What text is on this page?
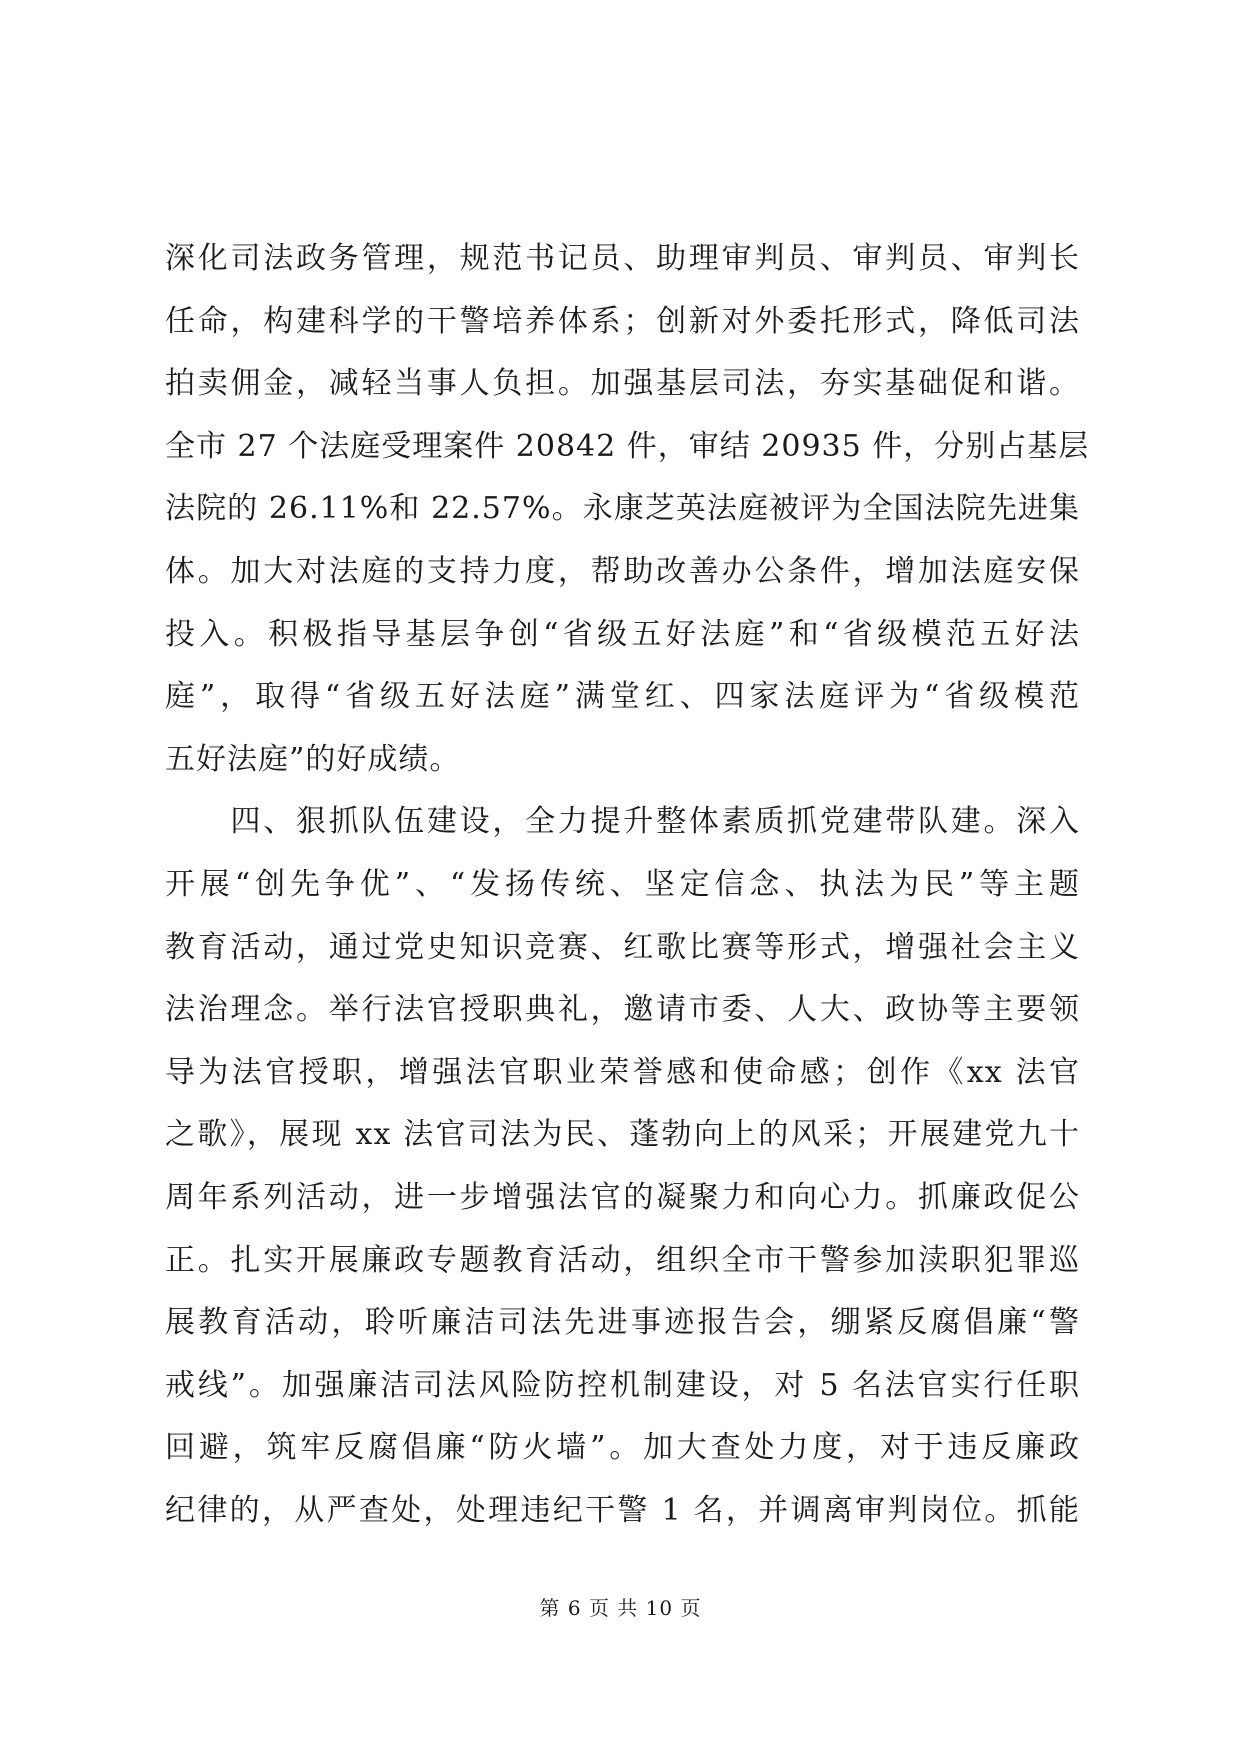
深化司法政务管理，规范书记员、助理审判员、审判员、审判长
任命，构建科学的干警培养体系；创新对外委托形式，降低司法
拍卖佣金，减轻当事人负担。加强基层司法，夯实基础促和谐。
全市 27 个法庭受理案件 20842 件，审结 20935 件，分别占基层
法院的 26.11%和 22.57%。永康芝英法庭被评为全国法院先进集
体。加大对法庭的支持力度，帮助改善办公条件，增加法庭安保
投入。积极指导基层争创“省级五好法庭”和“省级模范五好法
庭”，取得“省级五好法庭”满堂红、四家法庭评为“省级模范
五好法庭”的好成绩。
　　四、狠抓队伍建设，全力提升整体素质抓党建带队建。深入
开展“创先争优”、“发扬传统、坚定信念、执法为民”等主题
教育活动，通过党史知识竞赛、红歌比赛等形式，增强社会主义
法治理念。举行法官授职典礼，邀请市委、人大、政协等主要领
导为法官授职，增强法官职业荣誉感和使命感；创作《xx 法官
之歌》，展现 xx 法官司法为民、蓬勃向上的风采；开展建党九十
周年系列活动，进一步增强法官的凝聚力和向心力。抓廉政促公
正。扎实开展廉政专题教育活动，组织全市干警参加渎职犯罪巡
展教育活动，聆听廉洁司法先进事迹报告会，绷紧反腐倡廉“警
戒线”。加强廉洁司法风险防控机制建设，对 5 名法官实行任职
回避，筑牢反腐倡廉“防火墙”。加大查处力度，对于违反廉政
纪律的，从严查处，处理违纪干警 1 名，并调离审判岗位。抓能
第 6 页 共 10 页
